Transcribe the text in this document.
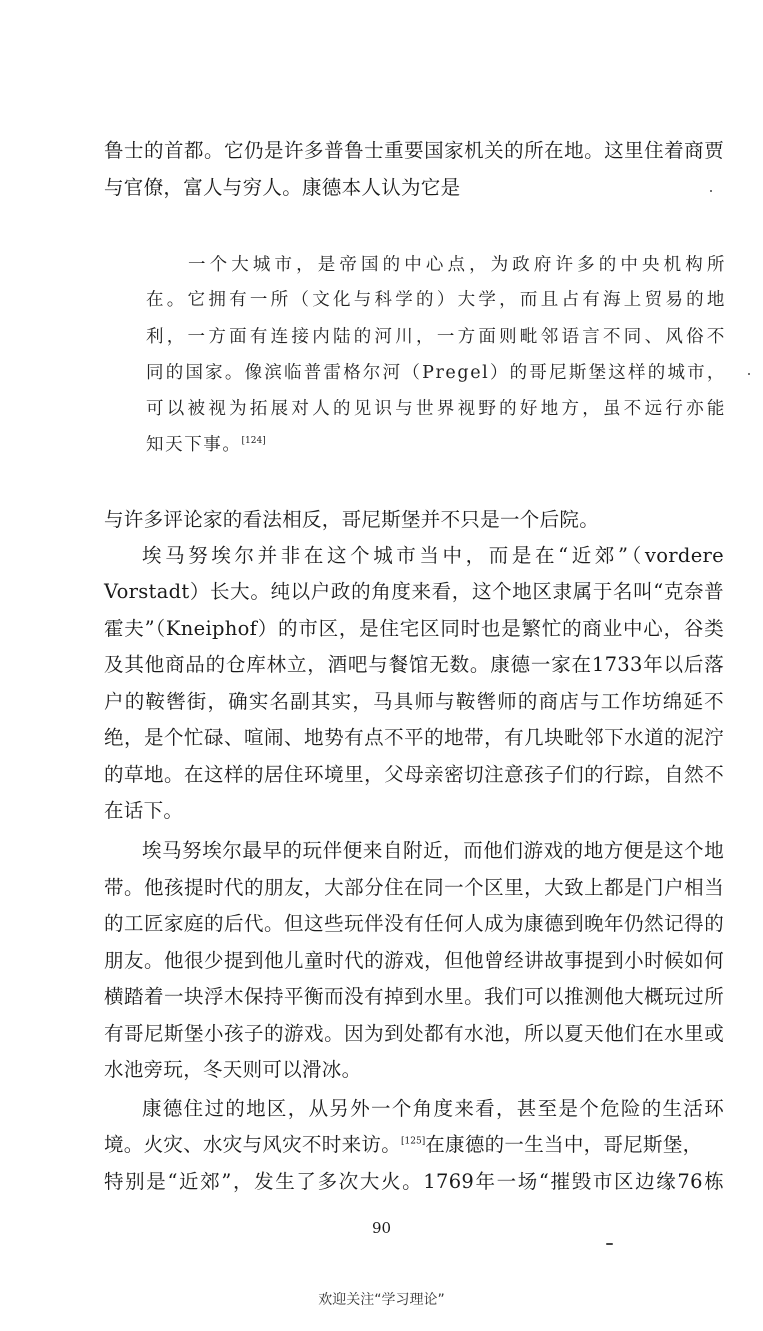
鲁士的首都。它仍是许多普鲁士重要国家机关的所在地。这里住着商贾
与官僚，富人与穷人。康德本人认为它是
一个大城市，是帝国的中心点，为政府许多的中央机构所
在。它拥有一所（文化与科学的）大学，而且占有海上贸易的地
利，一方面有连接内陆的河川，一方面则毗邻语言不同、风俗不
同的国家。像滨临普雷格尔河（Pregel）的哥尼斯堡这样的城市，
可以被视为拓展对人的见识与世界视野的好地方，虽不远行亦能
知天下事。[124]
与许多评论家的看法相反，哥尼斯堡并不只是一个后院。
埃马努埃尔并非在这个城市当中，而是在“近郊”（vordere
Vorstadt）长大。纯以户政的角度来看，这个地区隶属于名叫“克奈普
霍夫”（Kneiphof）的市区，是住宅区同时也是繁忙的商业中心，谷类
及其他商品的仓库林立，酒吧与餐馆无数。康德一家在1733年以后落
户的鞍辔街，确实名副其实，马具师与鞍辔师的商店与工作坊绵延不
绝，是个忙碌、喧闹、地势有点不平的地带，有几块毗邻下水道的泥泞
的草地。在这样的居住环境里，父母亲密切注意孩子们的行踪，自然不
在话下。
埃马努埃尔最早的玩伴便来自附近，而他们游戏的地方便是这个地
带。他孩提时代的朋友，大部分住在同一个区里，大致上都是门户相当
的工匠家庭的后代。但这些玩伴没有任何人成为康德到晚年仍然记得的
朋友。他很少提到他儿童时代的游戏，但他曾经讲故事提到小时候如何
横踏着一块浮木保持平衡而没有掉到水里。我们可以推测他大概玩过所
有哥尼斯堡小孩子的游戏。因为到处都有水池，所以夏天他们在水里或
水池旁玩，冬天则可以滑冰。
康德住过的地区，从另外一个角度来看，甚至是个危险的生活环
境。火灾、水灾与风灾不时来访。[125]在康德的一生当中，哥尼斯堡，
特别是“近郊”，发生了多次大火。1769年一场“摧毁市区边缘76栋
90
欢迎关注“学习理论”
